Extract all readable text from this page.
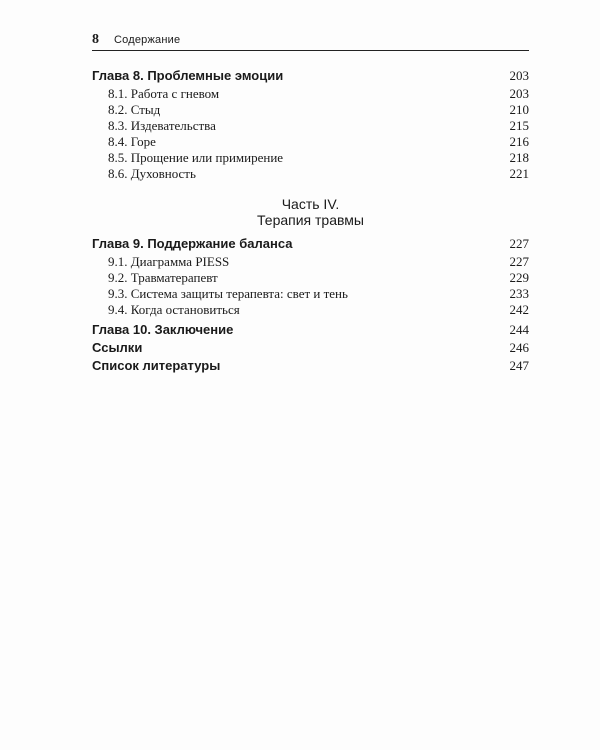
8 Содержание
Глава 8. Проблемные эмоции	203
8.1. Работа с гневом	203
8.2. Стыд	210
8.3. Издевательства	215
8.4. Горе	216
8.5. Прощение или примирение	218
8.6. Духовность	221
Часть IV.
Терапия травмы
Глава 9. Поддержание баланса	227
9.1. Диаграмма PIESS	227
9.2. Травматерапевт	229
9.3. Система защиты терапевта: свет и тень	233
9.4. Когда остановиться	242
Глава 10. Заключение	244
Ссылки	246
Список литературы	247
